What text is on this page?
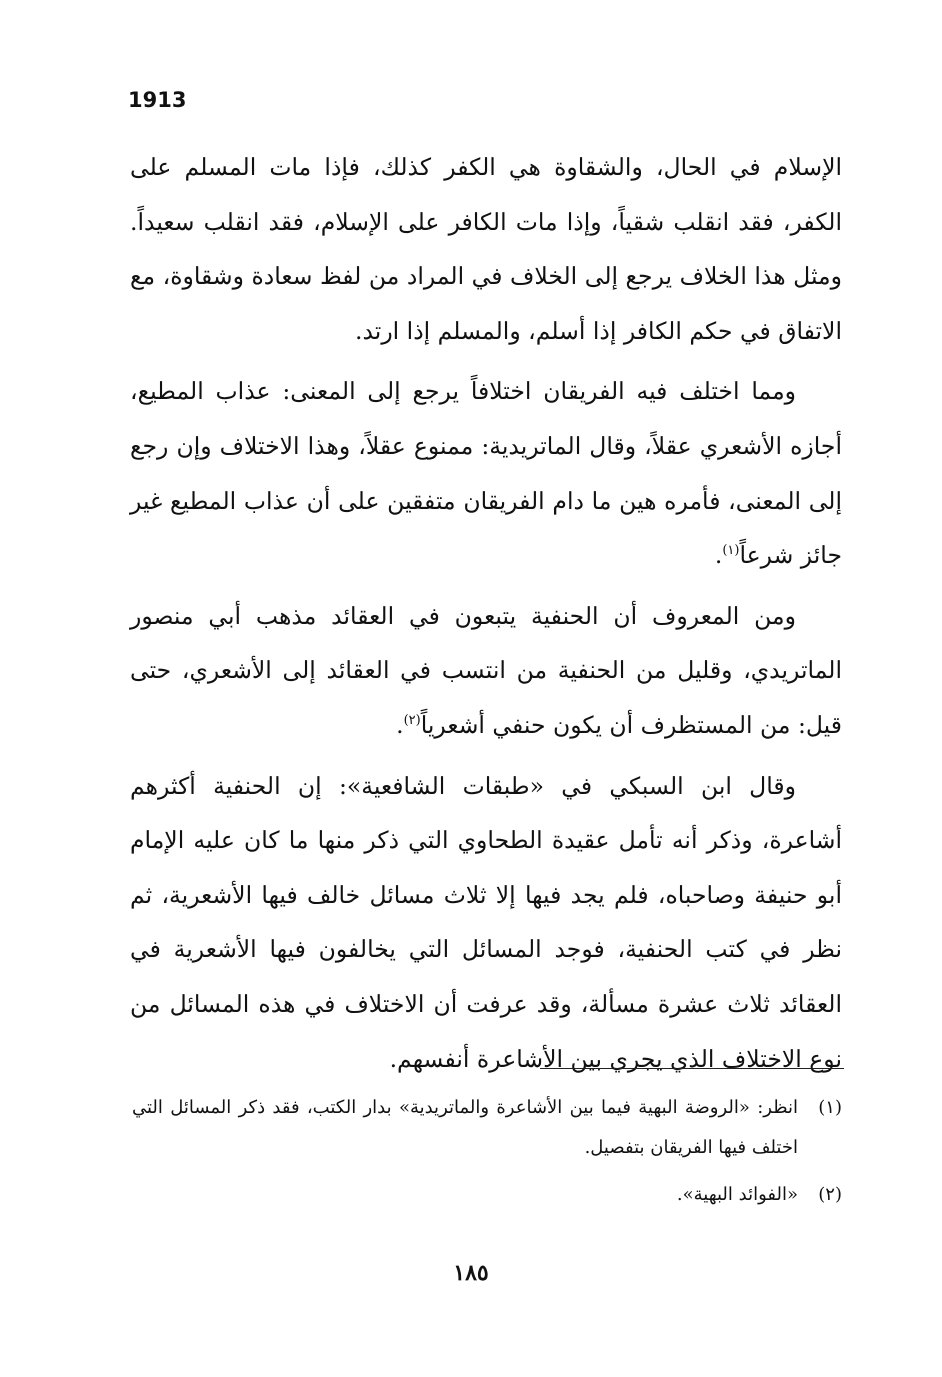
1913

الإسلام في الحال، والشقاوة هي الكفر كذلك، فإذا مات المسلم على الكفر، فقد انقلب شقياً، وإذا مات الكافر على الإسلام، فقد انقلب سعيداً. ومثل هذا الخلاف يرجع إلى الخلاف في المراد من لفظ سعادة وشقاوة، مع الاتفاق في حكم الكافر إذا أسلم، والمسلم إذا ارتد.

ومما اختلف فيه الفريقان اختلافاً يرجع إلى المعنى: عذاب المطيع، أجازه الأشعري عقلاً، وقال الماتريدية: ممنوع عقلاً، وهذا الاختلاف وإن رجع إلى المعنى، فأمره هين ما دام الفريقان متفقين على أن عذاب المطيع غير جائز شرعاً$^{(١)}$.

ومن المعروف أن الحنفية يتبعون في العقائد مذهب أبي منصور الماتريدي، وقليل من الحنفية من انتسب في العقائد إلى الأشعري، حتى قيل: من المستظرف أن يكون حنفي أشعرياً$^{(٢)}$.

وقال ابن السبكي في «طبقات الشافعية»: إن الحنفية أكثرهم أشاعرة، وذكر أنه تأمل عقيدة الطحاوي التي ذكر منها ما كان عليه الإمام أبو حنيفة وصاحباه، فلم يجد فيها إلا ثلاث مسائل خالف فيها الأشعرية، ثم نظر في كتب الحنفية، فوجد المسائل التي يخالفون فيها الأشعرية في العقائد ثلاث عشرة مسألة، وقد عرفت أن الاختلاف في هذه المسائل من نوع الاختلاف الذي يجري بين الأشاعرة أنفسهم.

(١)
انظر: «الروضة البهية فيما بين الأشاعرة والماتريدية» بدار الكتب، فقد ذكر المسائل التي اختلف فيها الفريقان بتفصيل.
(٢)
«الفوائد البهية».
١٨٥
